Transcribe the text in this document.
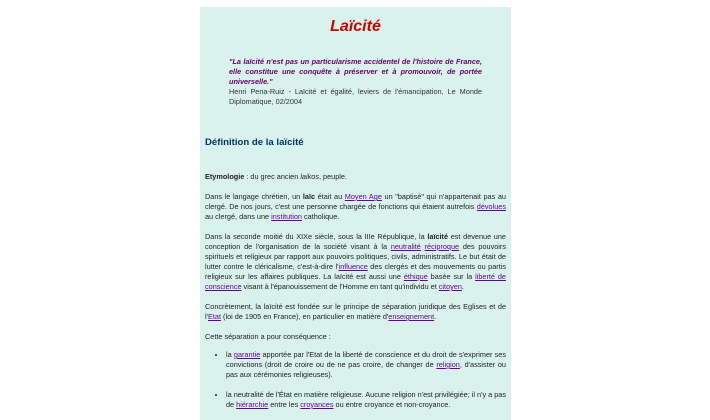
Laïcité
"La laïcité n'est pas un particularisme accidentel de l'histoire de France, elle constitue une conquête à préserver et à promouvoir, de portée universelle."
Henri Pena-Ruiz - Laïcité et égalité, leviers de l'émancipation, Le Monde Diplomatique, 02/2004
Définition de la laïcité

Etymologie : du grec ancien laikos, peuple.

Dans le langage chrétien, un laïc était au Moyen Age un "baptisé" qui n'appartenait pas au clergé. De nos jours, c'est une personne chargée de fonctions qui étaient autrefois dévolues au clergé, dans une institution catholique.

Dans la seconde moitié du XIXe siècle, sous la IIIe République, la laïcité est devenue une conception de l'organisation de la société visant à la neutralité réciproque des pouvoirs spirituels et religieux par rapport aux pouvoirs politiques, civils, administratifs. Le but était de lutter contre le cléricalisme, c'est-à-dire l'influence des clergés et des mouvements ou partis religieux sur les affaires publiques. La laïcité est aussi une éthique basée sur la liberté de conscience visant à l'épanouissement de l'Homme en tant qu'individu et citoyen.

Concrètement, la laïcité est fondée sur le principe de séparation juridique des Eglises et de l'Etat (loi de 1905 en France), en particulier en matière d'enseignement.

Cette séparation a pour conséquence :

• la garantie apportée par l'Etat de la liberté de conscience et du droit de s'exprimer ses convictions (droit de croire ou de ne pas croire, de changer de religion, d'assister ou pas aux cérémonies religieuses).
• la neutralité de l'État en matière religieuse. Aucune religion n'est privilégiée; il n'y a pas de hiérarchie entre les croyances ou entre croyance et non-croyance.
